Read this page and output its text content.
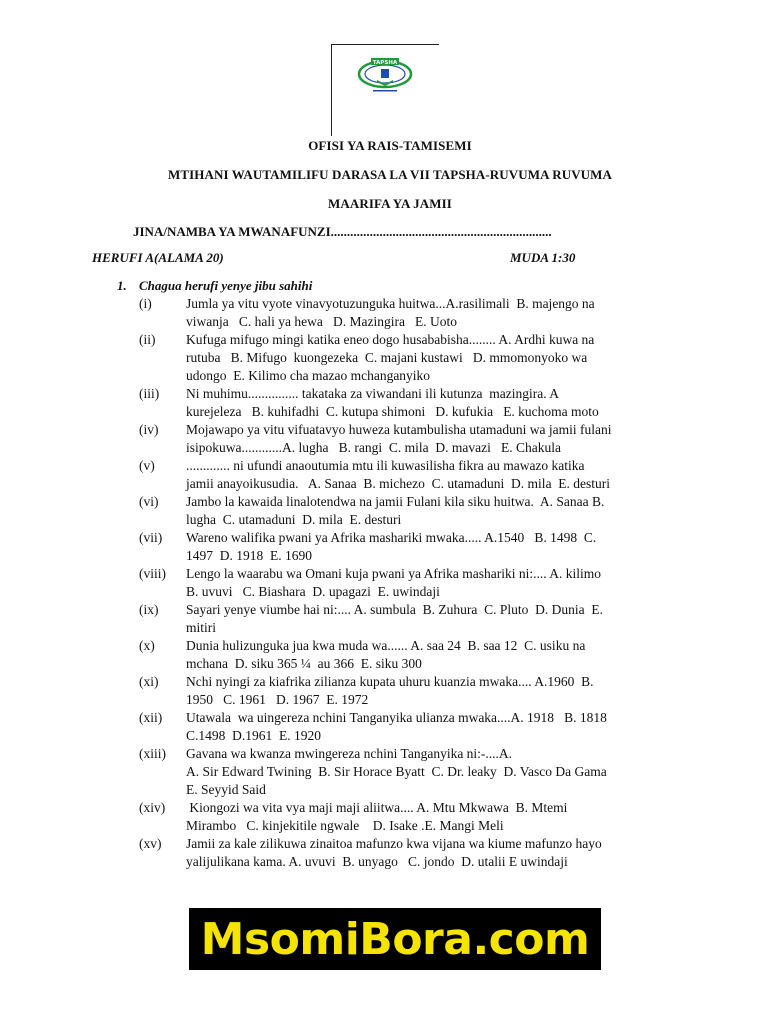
TAPSHA
OFISI YA RAIS-TAMISEMI
MTIHANI WAUTAMILIFU DARASA LA VII TAPSHA-RUVUMA RUVUMA
MAARIFA YA JAMII
JINA/NAMBA YA MWANAFUNZI....................................................................
HERUFI A(ALAMA 20)	MUDA 1:30
1. Chagua herufi yenye jibu sahihi
(i)	Jumla ya vitu vyote vinavyotuzunguka huitwa...A.rasilimali  B. majengo na
viwanja   C. hali ya hewa   D. Mazingira   E. Uoto
(ii)	Kufuga mifugo mingi katika eneo dogo husababisha........ A. Ardhi kuwa na
rutuba   B. Mifugo  kuongezeka  C. majani kustawi   D. mmomonyoko wa
udongo  E. Kilimo cha mazao mchanganyiko
(iii)	Ni muhimu............... takataka za viwandani ili kutunza  mazingira. A
kurejeleza   B. kuhifadhi  C. kutupa shimoni   D. kufukia   E. kuchoma moto
(iv)	Mojawapo ya vitu vifuatavyo huweza kutambulisha utamaduni wa jamii fulani
isipokuwa............A. lugha   B. rangi  C. mila  D. mavazi   E. Chakula
(v)	............. ni ufundi anaoutumia mtu ili kuwasilisha fikra au mawazo katika
jamii anayoikusudia.   A. Sanaa  B. michezo  C. utamaduni  D. mila  E. desturi
(vi)	Jambo la kawaida linalotendwa na jamii Fulani kila siku huitwa.  A. Sanaa B.
lugha  C. utamaduni  D. mila  E. desturi
(vii)	Wareno walifika pwani ya Afrika mashariki mwaka..... A.1540   B. 1498  C.
1497  D. 1918  E. 1690
(viii)	Lengo la waarabu wa Omani kuja pwani ya Afrika mashariki ni:.... A. kilimo
B. uvuvi   C. Biashara  D. upagazi  E. uwindaji
(ix)	Sayari yenye viumbe hai ni:.... A. sumbula  B. Zuhura  C. Pluto  D. Dunia  E.
mitiri
(x)	Dunia hulizunguka jua kwa muda wa...... A. saa 24  B. saa 12  C. usiku na
mchana  D. siku 365 ¼  au 366  E. siku 300
(xi)	Nchi nyingi za kiafrika zilianza kupata uhuru kuanzia mwaka.... A.1960  B.
1950   C. 1961   D. 1967  E. 1972
(xii)	Utawala  wa uingereza nchini Tanganyika ulianza mwaka....A. 1918   B. 1818
C.1498  D.1961  E. 1920
(xiii)	Gavana wa kwanza mwingereza nchini Tanganyika ni:-....A.
A. Sir Edward Twining  B. Sir Horace Byatt  C. Dr. leaky  D. Vasco Da Gama
E. Seyyid Said
(xiv)	Kiongozi wa vita vya maji maji aliitwa.... A. Mtu Mkwawa  B. Mtemi
Mirambo   C. kinjekitile ngwale    D. Isake .E. Mangi Meli
(xv)	Jamii za kale zilikuwa zinaitoa mafunzo kwa vijana wa kiume mafunzo hayo
yalijulikana kama. A. uvuvi  B. unyago   C. jondo  D. utalii E uwindaji
MsomiBora.com
